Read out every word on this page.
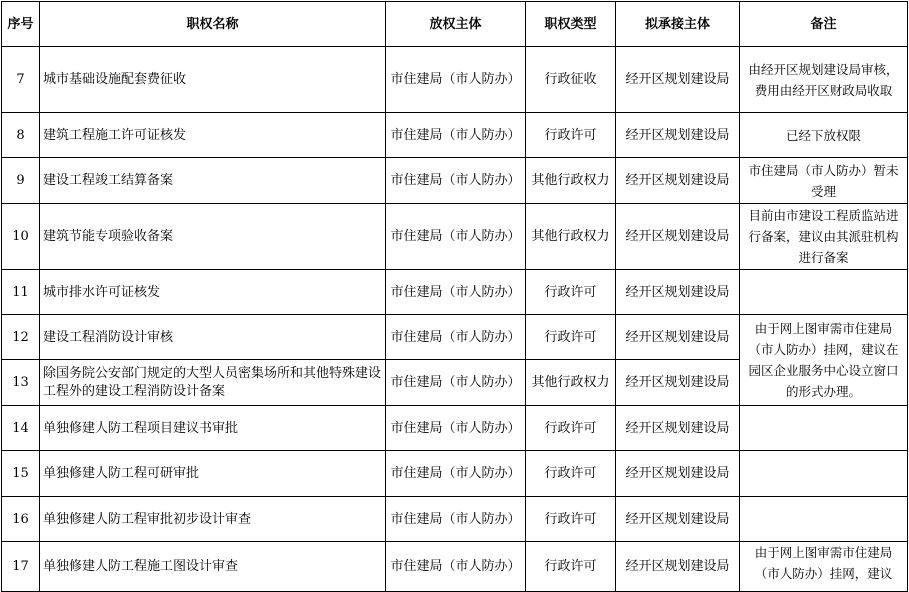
序号	职权名称	放权主体	职权类型	拟承接主体	备注
7	城市基础设施配套费征收	市住建局（市人防办）	行政征收	经开区规划建设局	由经开区规划建设局审核，费用由经开区财政局收取
8	建筑工程施工许可证核发	市住建局（市人防办）	行政许可	经开区规划建设局	已经下放权限
9	建设工程竣工结算备案	市住建局（市人防办）	其他行政权力	经开区规划建设局	市住建局（市人防办）暂未受理
10	建筑节能专项验收备案	市住建局（市人防办）	其他行政权力	经开区规划建设局	目前由市建设工程质监站进行备案，建议由其派驻机构进行备案
11	城市排水许可证核发	市住建局（市人防办）	行政许可	经开区规划建设局	
12	建设工程消防设计审核	市住建局（市人防办）	行政许可	经开区规划建设局	由于网上图审需市住建局（市人防办）挂网，建议在园区企业服务中心设立窗口的形式办理。
13	除国务院公安部门规定的大型人员密集场所和其他特殊建设工程外的建设工程消防设计备案	市住建局（市人防办）	其他行政权力	经开区规划建设局	
14	单独修建人防工程项目建议书审批	市住建局（市人防办）	行政许可	经开区规划建设局	
15	单独修建人防工程可研审批	市住建局（市人防办）	行政许可	经开区规划建设局	
16	单独修建人防工程审批初步设计审查	市住建局（市人防办）	行政许可	经开区规划建设局	
17	单独修建人防工程施工图设计审查	市住建局（市人防办）	行政许可	经开区规划建设局	由于网上图审需市住建局（市人防办）挂网，建议
